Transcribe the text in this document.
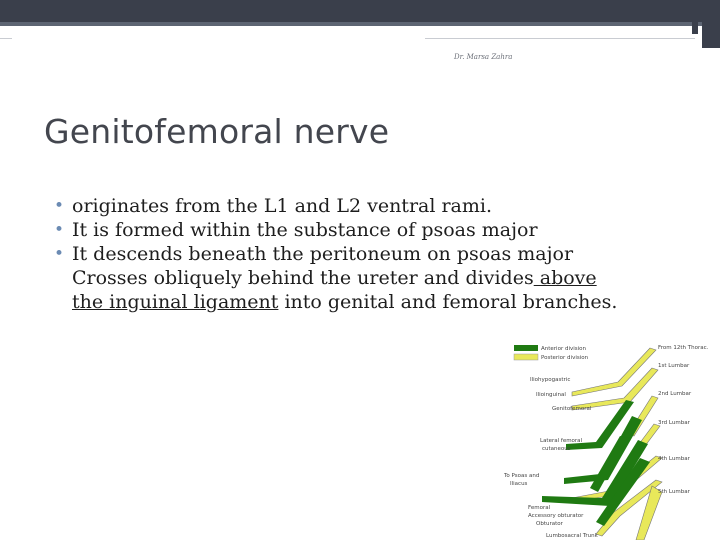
Dr. Marsa Zahra
Genitofemoral nerve
• originates from the L1 and L2 ventral rami.
• It is formed within the substance of psoas major
• It descends beneath the peritoneum on psoas major
Crosses obliquely behind the ureter and divides above
the inguinal ligament into genital and femoral branches.
Anterior division
Posterior division
From 12th Thorac.
1st Lumbar
Iliohypogastric
Ilioinguinal	2nd Lumbar
Genitofemoral
3rd Lumbar
Lateral femoral
cutaneous
4th Lumbar
To Psoas and
Iliacus
5th Lumbar
Femoral
Accessory obturator
Obturator
Lumbosacral Trunk
